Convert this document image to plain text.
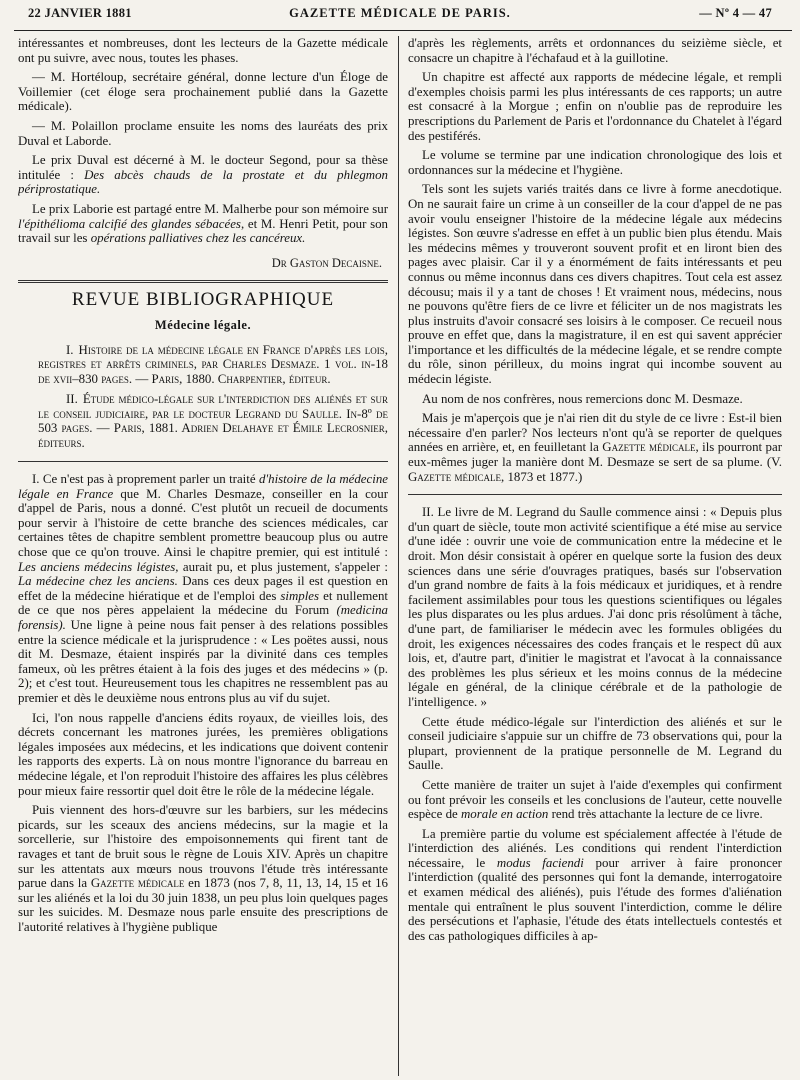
22 JANVIER 1881	GAZETTE MÉDICALE DE PARIS.	— Nº 4 — 47

intéressantes et nombreuses, dont les lecteurs de la Gazette médicale ont pu suivre, avec nous, toutes les phases.

— M. Hortéloup, secrétaire général, donne lecture d'un Éloge de Voillemier (cet éloge sera prochainement publié dans la Gazette médicale).

— M. Polaillon proclame ensuite les noms des lauréats des prix Duval et Laborde.

Le prix Duval est décerné à M. le docteur Segond, pour sa thèse intitulée : Des abcès chauds de la prostate et du phlegmon périprostatique.

Le prix Laborie est partagé entre M. Malherbe pour son mémoire sur l'épithélioma calcifié des glandes sébacées, et M. Henri Petit, pour son travail sur les opérations palliatives chez les cancéreux.

Dr Gaston Decaisne.
REVUE BIBLIOGRAPHIQUE
Médecine légale.

I. Histoire de la médecine légale en France d'après les lois, registres et arrêts criminels, par Charles Desmaze. 1 vol. in-18 de xvii–830 pages. — Paris, 1880. Charpentier, éditeur.

II. Étude médico-légale sur l'interdiction des aliénés et sur le conseil judiciaire, par le docteur Legrand du Saulle. In-8º de 503 pages. — Paris, 1881. Adrien Delahaye et Émile Lecrosnier, éditeurs.

I. Ce n'est pas à proprement parler un traité d'histoire de la médecine légale en France que M. Charles Desmaze, conseiller en la cour d'appel de Paris, nous a donné. C'est plutôt un recueil de documents pour servir à l'histoire de cette branche des sciences médicales, car certaines têtes de chapitre semblent promettre beaucoup plus ou autre chose que ce qu'on trouve. Ainsi le chapitre premier, qui est intitulé : Les anciens médecins légistes, aurait pu, et plus justement, s'appeler : La médecine chez les anciens. Dans ces deux pages il est question en effet de la médecine hiératique et de l'emploi des simples et nullement de ce que nos pères appelaient la médecine du Forum (medicina forensis). Une ligne à peine nous fait penser à des relations possibles entre la science médicale et la jurisprudence : « Les poëtes aussi, nous dit M. Desmaze, étaient inspirés par la divinité dans ces temples fameux, où les prêtres étaient à la fois des juges et des médecins » (p. 2); et c'est tout. Heureusement tous les chapitres ne ressemblent pas au premier et dès le deuxième nous entrons plus au vif du sujet.

Ici, l'on nous rappelle d'anciens édits royaux, de vieilles lois, des décrets concernant les matrones jurées, les premières obligations légales imposées aux médecins, et les indications que doivent contenir les rapports des experts. Là on nous montre l'ignorance du barreau en médecine légale, et l'on reproduit l'histoire des affaires les plus célèbres pour mieux faire ressortir quel doit être le rôle de la médecine légale.

Puis viennent des hors-d'œuvre sur les barbiers, sur les médecins picards, sur les sceaux des anciens médecins, sur la magie et la sorcellerie, sur l'histoire des empoisonnements qui firent tant de ravages et tant de bruit sous le règne de Louis XIV. Après un chapitre sur les attentats aux mœurs nous trouvons l'étude très intéressante parue dans la Gazette médicale en 1873 (nos 7, 8, 11, 13, 14, 15 et 16 sur les aliénés et la loi du 30 juin 1838, un peu plus loin quelques pages sur les suicides. M. Desmaze nous parle ensuite des prescriptions de l'autorité relatives à l'hygiène publique

d'après les règlements, arrêts et ordonnances du seizième siècle, et consacre un chapitre à l'échafaud et à la guillotine.

Un chapitre est affecté aux rapports de médecine légale, et rempli d'exemples choisis parmi les plus intéressants de ces rapports; un autre est consacré à la Morgue ; enfin on n'oublie pas de reproduire les prescriptions du Parlement de Paris et l'ordonnance du Chatelet à l'égard des pestiférés.

Le volume se termine par une indication chronologique des lois et ordonnances sur la médecine et l'hygiène.

Tels sont les sujets variés traités dans ce livre à forme anecdotique. On ne saurait faire un crime à un conseiller de la cour d'appel de ne pas avoir voulu enseigner l'histoire de la médecine légale aux médecins légistes. Son œuvre s'adresse en effet à un public bien plus étendu. Mais les médecins mêmes y trouveront souvent profit et en liront bien des pages avec plaisir. Car il y a énormément de faits intéressants et peu connus ou même inconnus dans ces divers chapitres. Tout cela est assez décousu; mais il y a tant de choses ! Et vraiment nous, médecins, nous ne pouvons qu'être fiers de ce livre et féliciter un de nos magistrats les plus instruits d'avoir consacré ses loisirs à le composer. Ce recueil nous prouve en effet que, dans la magistrature, il en est qui savent apprécier l'importance et les difficultés de la médecine légale, et se rendre compte du rôle, sinon périlleux, du moins ingrat qui incombe souvent au médecin légiste.

Au nom de nos confrères, nous remercions donc M. Desmaze.

Mais je m'aperçois que je n'ai rien dit du style de ce livre : Est-il bien nécessaire d'en parler? Nos lecteurs n'ont qu'à se reporter de quelques années en arrière, et, en feuilletant la Gazette médicale, ils pourront par eux-mêmes juger la manière dont M. Desmaze se sert de sa plume. (V. Gazette médicale, 1873 et 1877.)

II. Le livre de M. Legrand du Saulle commence ainsi : « Depuis plus d'un quart de siècle, toute mon activité scientifique a été mise au service d'une idée : ouvrir une voie de communication entre la médecine et le droit. Mon désir consistait à opérer en quelque sorte la fusion des deux sciences dans une série d'ouvrages pratiques, basés sur l'observation d'un grand nombre de faits à la fois médicaux et juridiques, et à rendre facilement assimilables pour tous les questions scientifiques ou légales les plus disparates ou les plus ardues. J'ai donc pris résolûment à tâche, d'une part, de familiariser le médecin avec les formules obligées du droit, les exigences nécessaires des codes français et le respect dû aux lois, et, d'autre part, d'initier le magistrat et l'avocat à la connaissance des problèmes les plus sérieux et les moins connus de la médecine légale en général, de la clinique cérébrale et de la pathologie de l'intelligence. »

Cette étude médico-légale sur l'interdiction des aliénés et sur le conseil judiciaire s'appuie sur un chiffre de 73 observations qui, pour la plupart, proviennent de la pratique personnelle de M. Legrand du Saulle.

Cette manière de traiter un sujet à l'aide d'exemples qui confirment ou font prévoir les conseils et les conclusions de l'auteur, cette nouvelle espèce de morale en action rend très attachante la lecture de ce livre.

La première partie du volume est spécialement affectée à l'étude de l'interdiction des aliénés. Les conditions qui rendent l'interdiction nécessaire, le modus faciendi pour arriver à faire prononcer l'interdiction (qualité des personnes qui font la demande, interrogatoire et examen médical des aliénés), puis l'étude des formes d'aliénation mentale qui entraînent le plus souvent l'interdiction, comme le délire des persécutions et l'aphasie, l'étude des états intellectuels contestés et des cas pathologiques difficiles à ap-
